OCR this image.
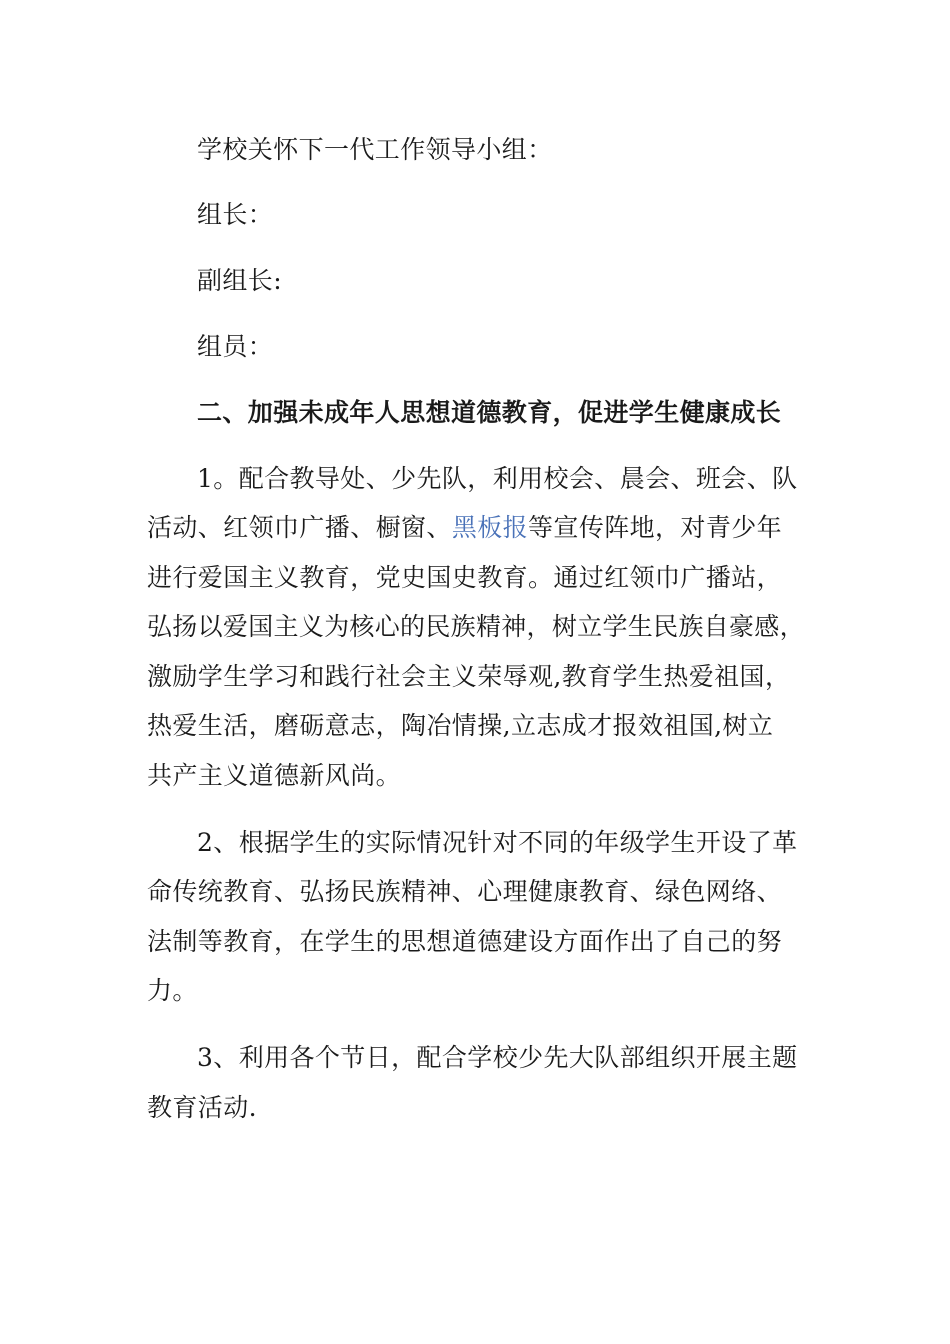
学校关怀下一代工作领导小组：
组长：
副组长:
组员：
二、加强未成年人思想道德教育，促进学生健康成长
1。配合教导处、少先队，利用校会、晨会、班会、队
活动、红领巾广播、橱窗、黑板报等宣传阵地，对青少年
进行爱国主义教育，党史国史教育。通过红领巾广播站，
弘扬以爱国主义为核心的民族精神，树立学生民族自豪感，
激励学生学习和践行社会主义荣辱观,教育学生热爱祖国，
热爱生活，磨砺意志，陶冶情操,立志成才报效祖国,树立
共产主义道德新风尚。
2、根据学生的实际情况针对不同的年级学生开设了革
命传统教育、弘扬民族精神、心理健康教育、绿色网络、
法制等教育，在学生的思想道德建设方面作出了自己的努
力。
3、利用各个节日，配合学校少先大队部组织开展主题
教育活动.
